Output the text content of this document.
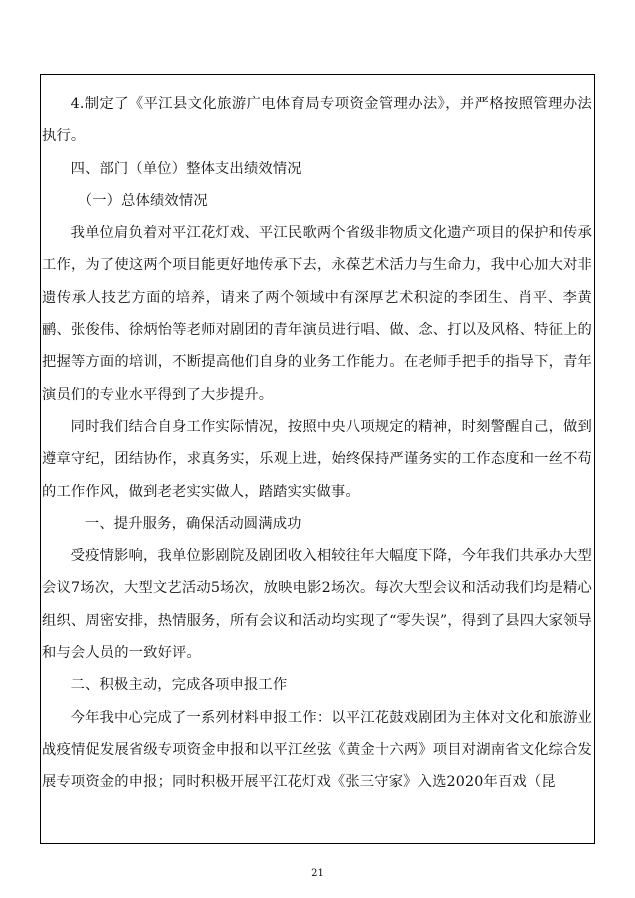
4.制定了《平江县文化旅游广电体育局专项资金管理办法》，并严格按照管理办法执行。

四、部门（单位）整体支出绩效情况

（一）总体绩效情况

我单位肩负着对平江花灯戏、平江民歌两个省级非物质文化遗产项目的保护和传承工作，为了使这两个项目能更好地传承下去，永葆艺术活力与生命力，我中心加大对非遗传承人技艺方面的培养，请来了两个领域中有深厚艺术积淀的李团生、肖平、李黄鹂、张俊伟、徐炳怡等老师对剧团的青年演员进行唱、做、念、打以及风格、特征上的把握等方面的培训，不断提高他们自身的业务工作能力。在老师手把手的指导下，青年演员们的专业水平得到了大步提升。

同时我们结合自身工作实际情况，按照中央八项规定的精神，时刻警醒自己，做到遵章守纪，团结协作，求真务实，乐观上进，始终保持严谨务实的工作态度和一丝不苟的工作作风，做到老老实实做人，踏踏实实做事。

一、提升服务，确保活动圆满成功

受疫情影响，我单位影剧院及剧团收入相较往年大幅度下降，今年我们共承办大型会议7场次，大型文艺活动5场次，放映电影2场次。每次大型会议和活动我们均是精心组织、周密安排，热情服务，所有会议和活动均实现了“零失误”，得到了县四大家领导和与会人员的一致好评。

二、积极主动，完成各项申报工作

今年我中心完成了一系列材料申报工作：以平江花鼓戏剧团为主体对文化和旅游业战疫情促发展省级专项资金申报和以平江丝弦《黄金十六两》项目对湖南省文化综合发展专项资金的申报；同时积极开展平江花灯戏《张三守家》入选2020年百戏（昆

21
